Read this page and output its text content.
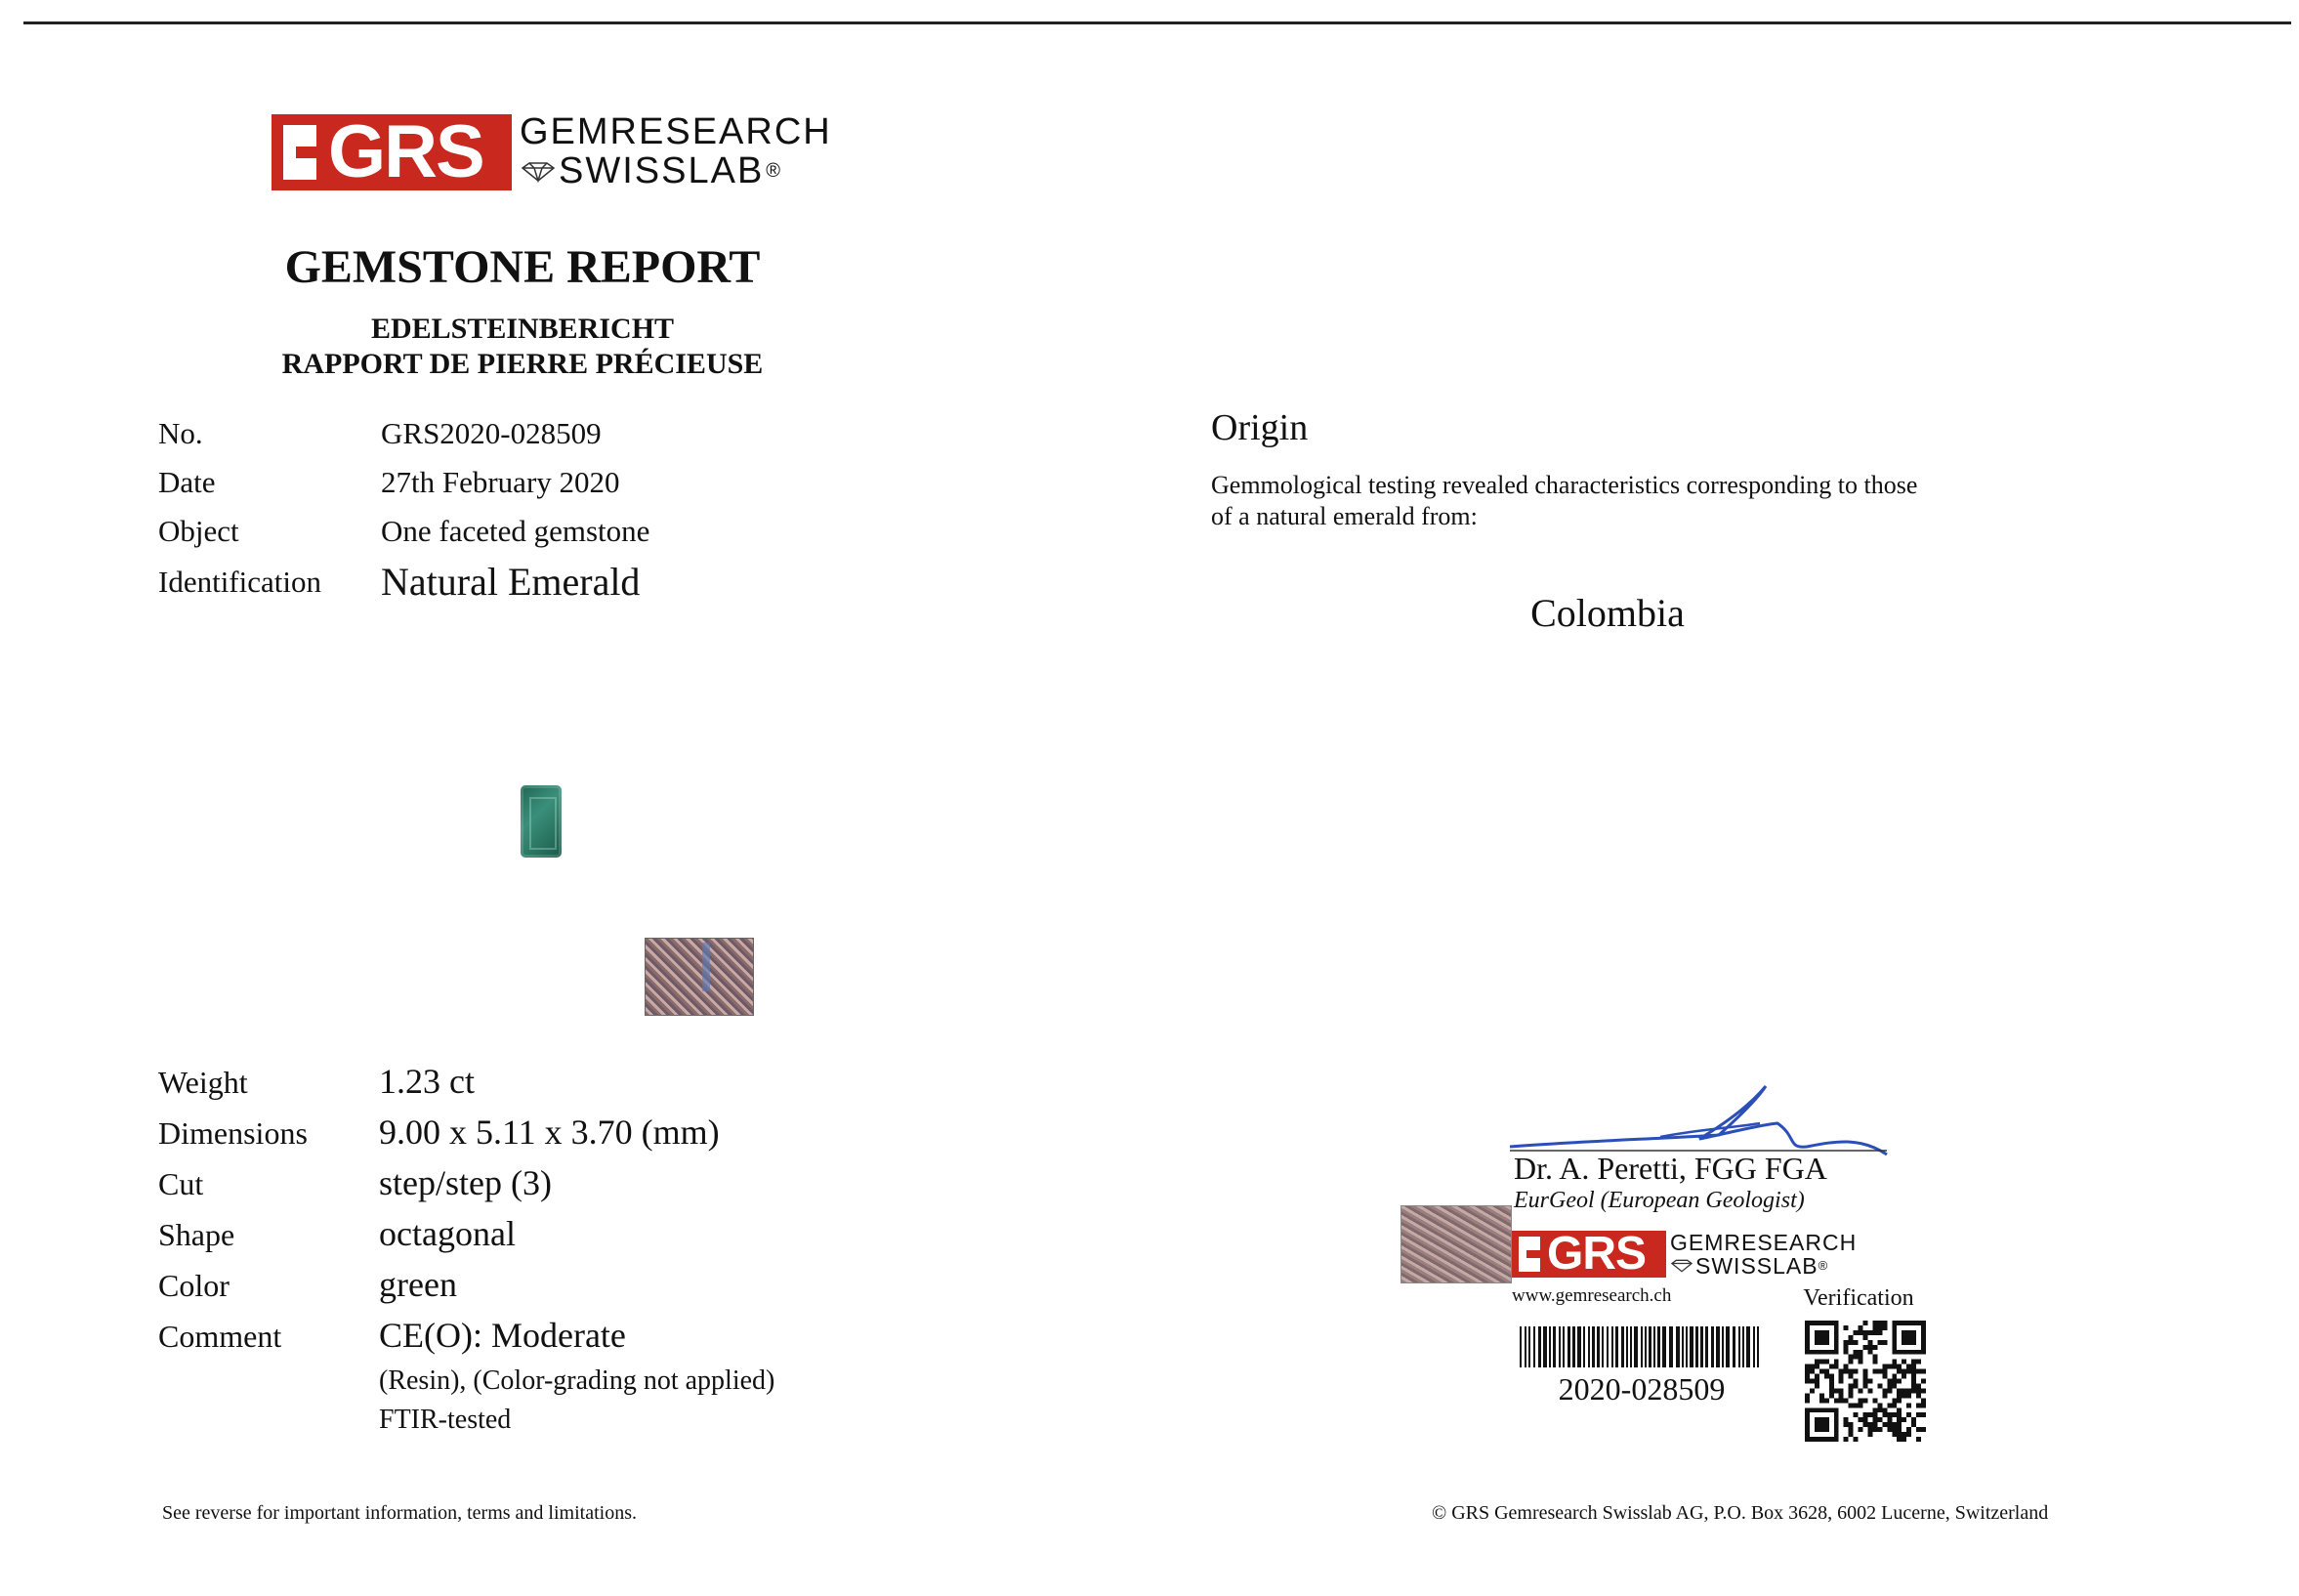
GRS GEMRESEARCH
SWISSLAB ®
GEMSTONE REPORT
EDELSTEINBERICHT
RAPPORT DE PIERRE PRÉCIEUSE
No.	GRS2020-028509
Date	27th February 2020
Object	One faceted gemstone
Identification Natural Emerald
Weight	1.23 ct
Dimensions 9.00 x 5.11 x 3.70 (mm)
Cut	step/step (3)
Shape	octagonal
Color	green
Comment	CE(O): Moderate
(Resin), (Color-grading not applied)
FTIR-tested
Origin
Gemmological testing revealed characteristics corresponding to those
of a natural emerald from:
Colombia
Dr. A. Peretti, FGG FGA
EurGeol (European Geologist)
GRS GEMRESEARCH
SWISSLAB ®
www.gemresearch.ch
2020-028509
Verification
See reverse for important information, terms and limitations.	© GRS Gemresearch Swisslab AG, P.O. Box 3628, 6002 Lucerne, Switzerland
